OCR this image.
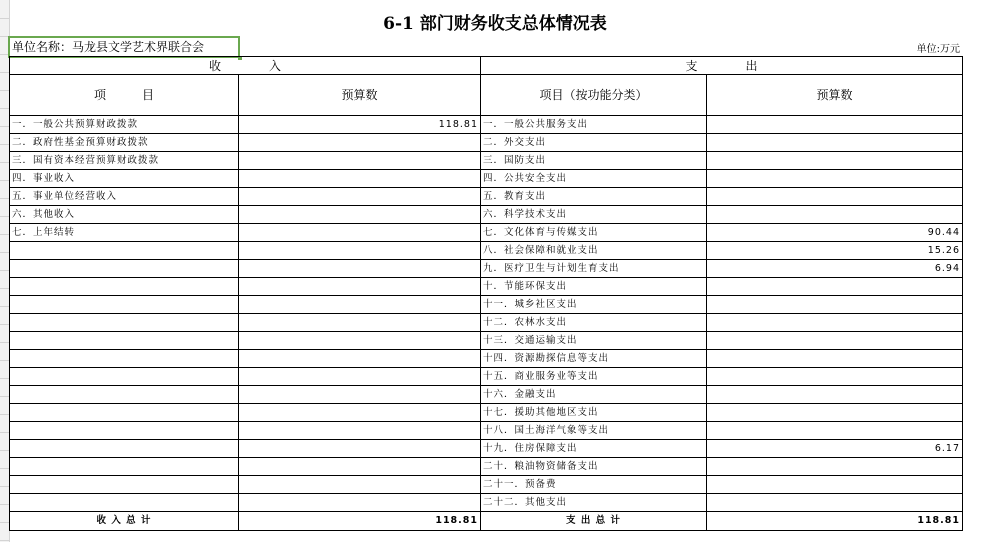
6-1 部门财务收支总体情况表
单位名称：马龙县文学艺术界联合会	单位:万元
收　　　　入		支　　　　出	
项　　　目	预算数	项目（按功能分类）	预算数
一．一般公共预算财政拨款	118.81	一．一般公共服务支出	
二．政府性基金预算财政拨款		二．外交支出	
三．国有资本经营预算财政拨款		三．国防支出	
四．事业收入		四．公共安全支出	
五．事业单位经营收入		五．教育支出	
六．其他收入		六．科学技术支出	
七．上年结转		七．文化体育与传媒支出	90.44
		八．社会保障和就业支出	15.26
		九．医疗卫生与计划生育支出	6.94
		十．节能环保支出	
		十一．城乡社区支出	
		十二．农林水支出	
		十三．交通运输支出	
		十四．资源勘探信息等支出	
		十五．商业服务业等支出	
		十六．金融支出	
		十七．援助其他地区支出	
		十八．国土海洋气象等支出	
		十九．住房保障支出	6.17
		二十．粮油物资储备支出	
		二十一．预备费	
		二十二．其他支出	
收 入 总 计	118.81	支 出 总 计	118.81
